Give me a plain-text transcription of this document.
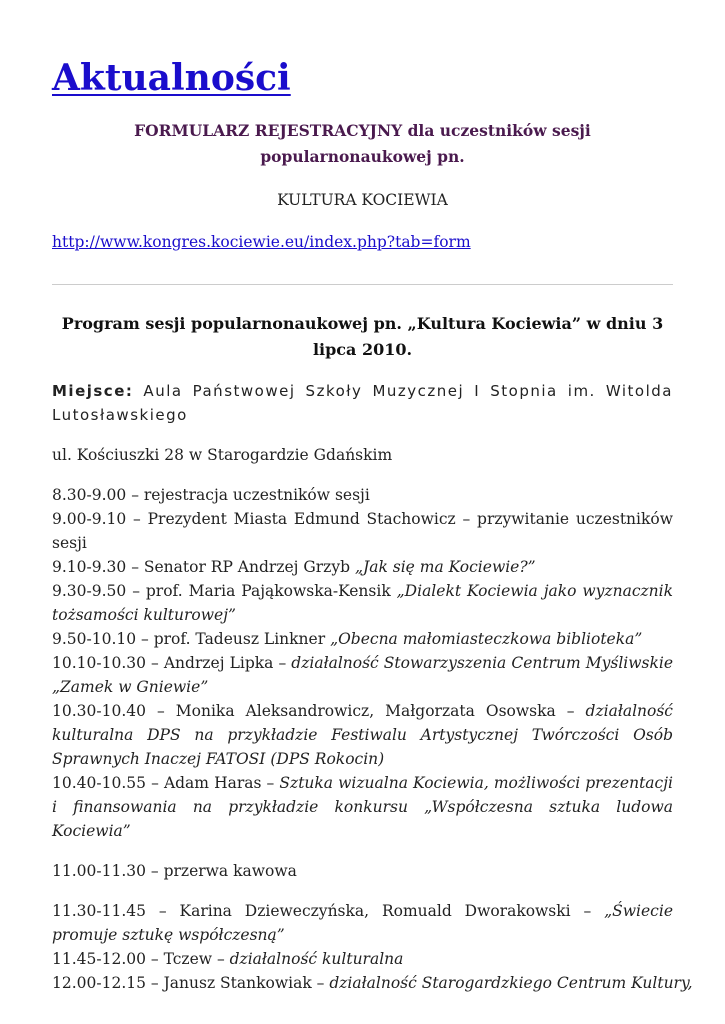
Aktualności

FORMULARZ REJESTRACYJNY dla uczestników sesji popularnonaukowej pn.

KULTURA KOCIEWIA

http://www.kongres.kociewie.eu/index.php?tab=form

Program sesji popularnonaukowej pn. „Kultura Kociewia” w dniu 3 lipca 2010.

Miejsce: Aula Państwowej Szkoły Muzycznej I Stopnia im. Witolda Lutosławskiego

ul. Kościuszki 28 w Starogardzie Gdańskim

8.30-9.00 – rejestracja uczestników sesji
9.00-9.10 – Prezydent Miasta Edmund Stachowicz – przywitanie uczestników sesji
9.10-9.30 – Senator RP Andrzej Grzyb „Jak się ma Kociewie?”
9.30-9.50 – prof. Maria Pająkowska-Kensik „Dialekt Kociewia jako wyznacznik tożsamości kulturowej”
9.50-10.10 – prof. Tadeusz Linkner „Obecna małomiasteczkowa biblioteka”
10.10-10.30 – Andrzej Lipka – działalność Stowarzyszenia Centrum Myśliwskie „Zamek w Gniewie”
10.30-10.40 – Monika Aleksandrowicz, Małgorzata Osowska – działalność kulturalna DPS na przykładzie Festiwalu Artystycznej Twórczości Osób Sprawnych Inaczej FATOSI (DPS Rokocin)
10.40-10.55 – Adam Haras – Sztuka wizualna Kociewia, możliwości prezentacji i finansowania na przykładzie konkursu „Współczesna sztuka ludowa Kociewia”

11.00-11.30 – przerwa kawowa

11.30-11.45 – Karina Dzieweczyńska, Romuald Dworakowski – „Świecie promuje sztukę współczesną”
11.45-12.00 – Tczew – działalność kulturalna
12.00-12.15 – Janusz Stankowiak – działalność Starogardzkiego Centrum Kultury,
